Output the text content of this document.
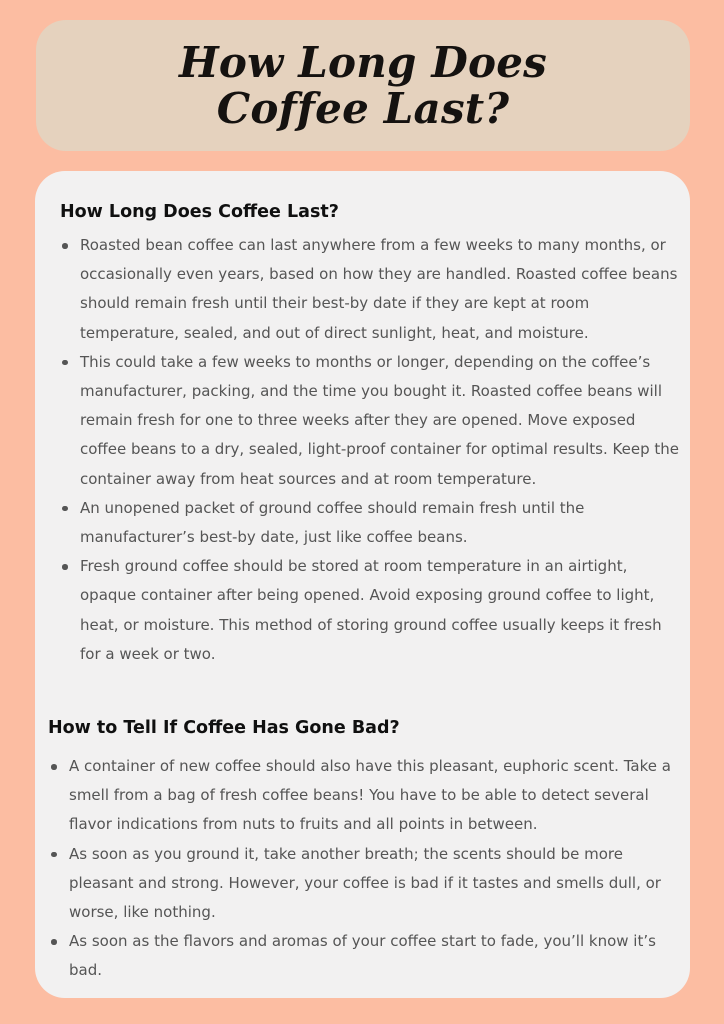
How Long Does Coffee Last?
How Long Does Coffee Last?
Roasted bean coffee can last anywhere from a few weeks to many months, or occasionally even years, based on how they are handled. Roasted coffee beans should remain fresh until their best-by date if they are kept at room temperature, sealed, and out of direct sunlight, heat, and moisture.
This could take a few weeks to months or longer, depending on the coffee’s manufacturer, packing, and the time you bought it. Roasted coffee beans will remain fresh for one to three weeks after they are opened. Move exposed coffee beans to a dry, sealed, light-proof container for optimal results. Keep the container away from heat sources and at room temperature.
An unopened packet of ground coffee should remain fresh until the manufacturer’s best-by date, just like coffee beans.
Fresh ground coffee should be stored at room temperature in an airtight, opaque container after being opened. Avoid exposing ground coffee to light, heat, or moisture. This method of storing ground coffee usually keeps it fresh for a week or two.
How to Tell If Coffee Has Gone Bad?
A container of new coffee should also have this pleasant, euphoric scent. Take a smell from a bag of fresh coffee beans! You have to be able to detect several flavor indications from nuts to fruits and all points in between.
As soon as you ground it, take another breath; the scents should be more pleasant and strong. However, your coffee is bad if it tastes and smells dull, or worse, like nothing.
As soon as the flavors and aromas of your coffee start to fade, you’ll know it’s bad.
